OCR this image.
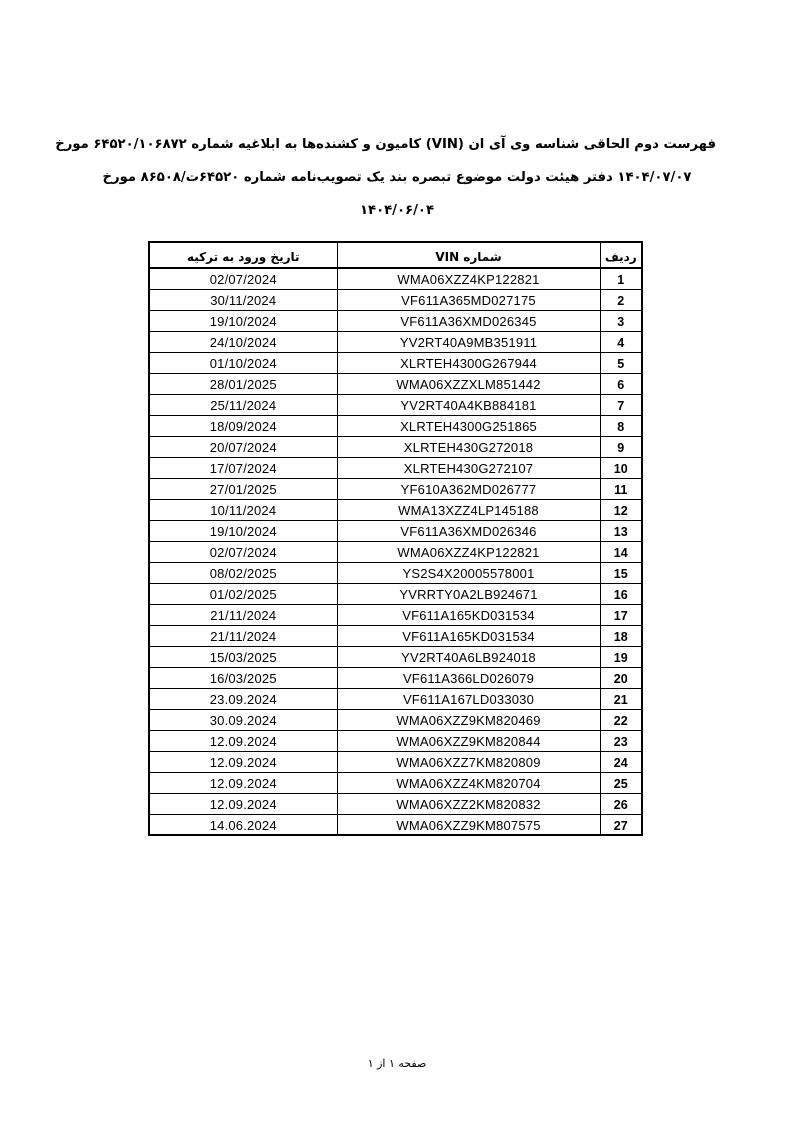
فهرست دوم الحاقی شناسه وی آی ان (VIN) کامیون و کشنده‌ها به ابلاغیه شماره ۶۴۵۲۰/۱۰۶۸۷۲ مورخ
۱۴۰۴/۰۷/۰۷ دفتر هیئت دولت موضوع تبصره بند یک تصویب‌نامه شماره ۶۴۵۲۰ت/۸۶۵۰۸ مورخ
۱۴۰۴/۰۶/۰۴
ردیف	شماره VIN	تاریخ ورود به ترکیه
1	WMA06XZZ4KP122821	02/07/2024
2	VF611A365MD027175	30/11/2024
3	VF611A36XMD026345	19/10/2024
4	YV2RT40A9MB351911	24/10/2024
5	XLRTEH4300G267944	01/10/2024
6	WMA06XZZXLM851442	28/01/2025
7	YV2RT40A4KB884181	25/11/2024
8	XLRTEH4300G251865	18/09/2024
9	XLRTEH430G272018	20/07/2024
10	XLRTEH430G272107	17/07/2024
11	YF610A362MD026777	27/01/2025
12	WMA13XZZ4LP145188	10/11/2024
13	VF611A36XMD026346	19/10/2024
14	WMA06XZZ4KP122821	02/07/2024
15	YS2S4X20005578001	08/02/2025
16	YVRRTY0A2LB924671	01/02/2025
17	VF611A165KD031534	21/11/2024
18	VF611A165KD031534	21/11/2024
19	YV2RT40A6LB924018	15/03/2025
20	VF611A366LD026079	16/03/2025
21	VF611A167LD033030	23.09.2024
22	WMA06XZZ9KM820469	30.09.2024
23	WMA06XZZ9KM820844	12.09.2024
24	WMA06XZZ7KM820809	12.09.2024
25	WMA06XZZ4KM820704	12.09.2024
26	WMA06XZZ2KM820832	12.09.2024
27	WMA06XZZ9KM807575	14.06.2024
صفحه ۱ از ۱
